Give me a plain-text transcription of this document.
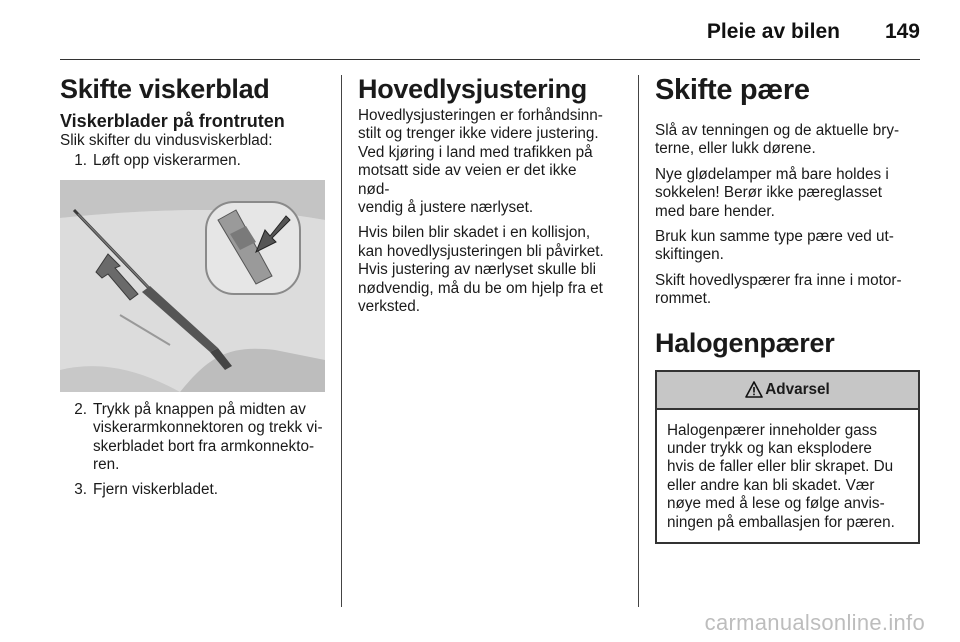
Pleie av bilen 149
Skifte viskerblad
Viskerblader på frontruten

Slik skifter du vindusviskerblad:

1. Løft opp viskerarmen.
2. Trykk på knappen på midten av
viskerarmkonnektoren og trekk vi-
skerbladet bort fra armkonnekto-
ren.
3. Fjern viskerbladet.
Hovedlysjustering

Hovedlysjusteringen er forhåndsinn-
stilt og trenger ikke videre justering.
Ved kjøring i land med trafikken på
motsatt side av veien er det ikke nød-
vendig å justere nærlyset.

Hvis bilen blir skadet i en kollisjon,
kan hovedlysjusteringen bli påvirket.
Hvis justering av nærlyset skulle bli
nødvendig, må du be om hjelp fra et
verksted.

Skifte pære

Slå av tenningen og de aktuelle bry-
terne, eller lukk dørene.

Nye glødelamper må bare holdes i
sokkelen! Berør ikke pæreglasset
med bare hender.

Bruk kun samme type pære ved ut-
skiftingen.

Skift hovedlyspærer fra inne i motor-
rommet.

Halogenpærer
Advarsel

Halogenpærer inneholder gass
under trykk og kan eksplodere
hvis de faller eller blir skrapet. Du
eller andre kan bli skadet. Vær
nøye med å lese og følge anvis-
ningen på emballasjen for pæren.

carmanualsonline.info
